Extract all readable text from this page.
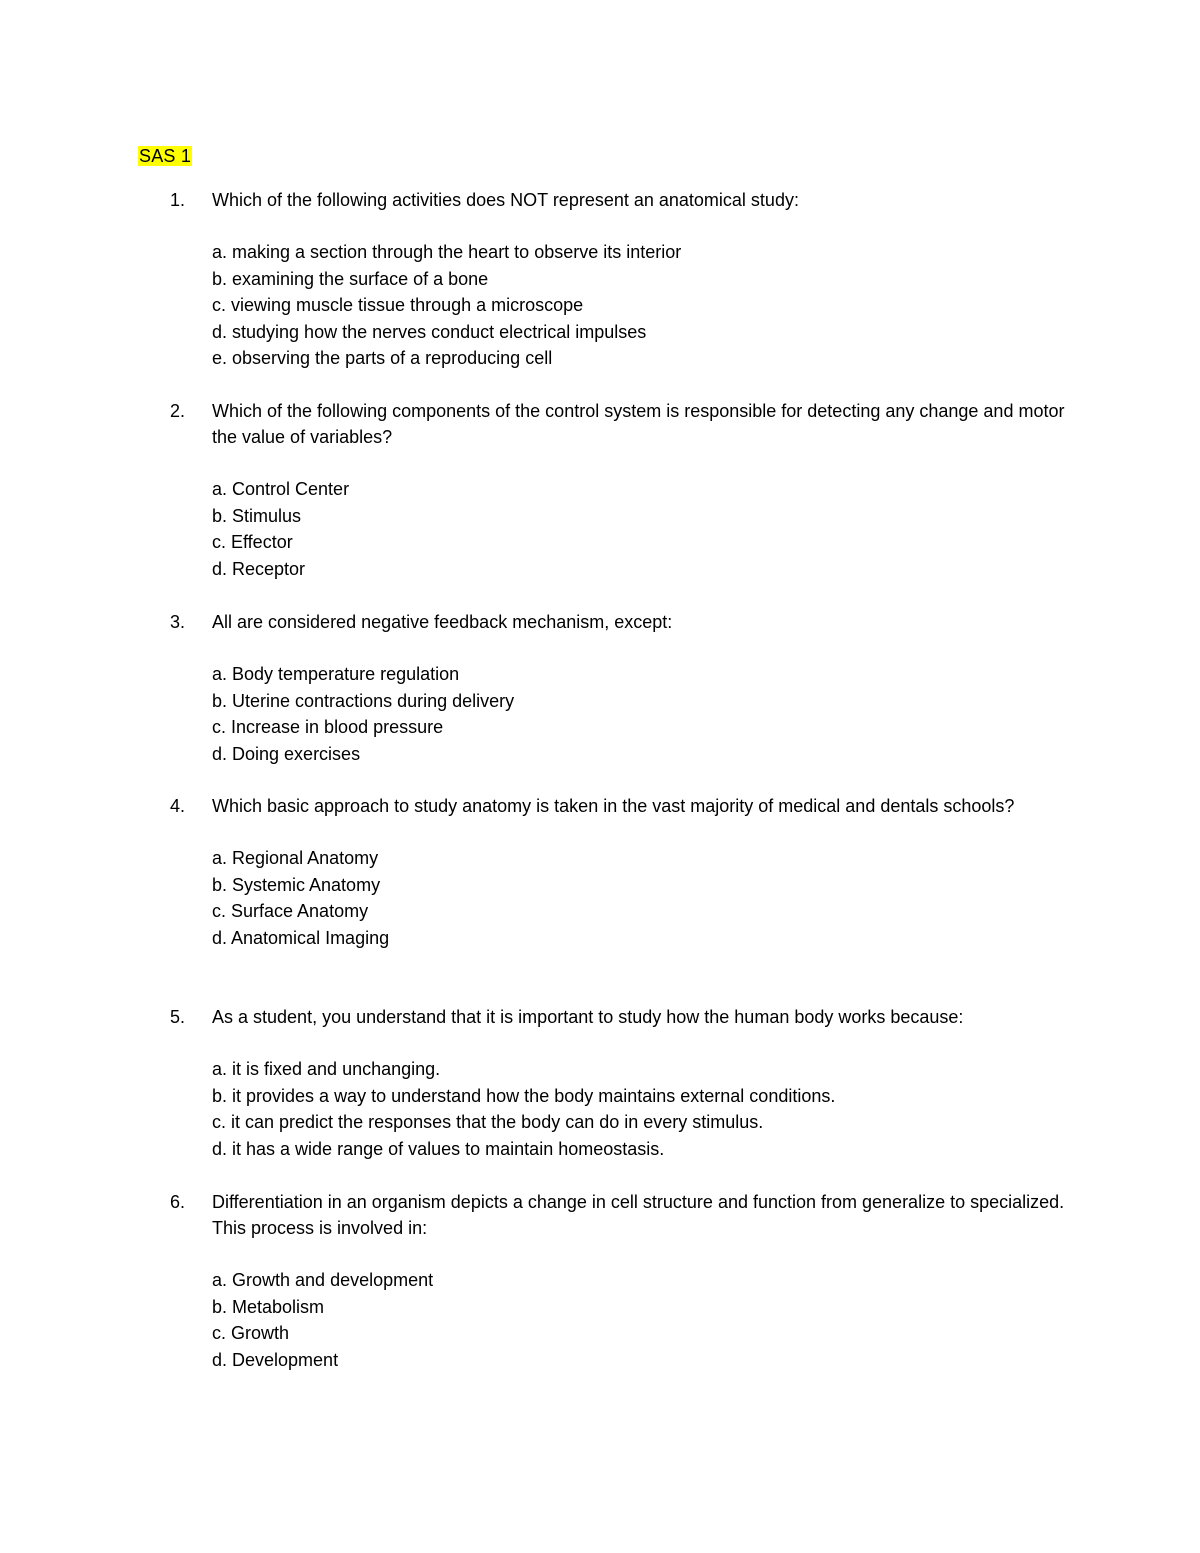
SAS 1
1.	Which of the following activities does NOT represent an anatomical study:
a. making a section through the heart to observe its interior
b. examining the surface of a bone
c. viewing muscle tissue through a microscope
d. studying how the nerves conduct electrical impulses
e. observing the parts of a reproducing cell
2.	Which of the following components of the control system is responsible for detecting any change and motor the value of variables?
a. Control Center
b. Stimulus
c. Effector
d. Receptor
3.	All are considered negative feedback mechanism, except:
a. Body temperature regulation
b. Uterine contractions during delivery
c. Increase in blood pressure
d. Doing exercises
4.	Which basic approach to study anatomy is taken in the vast majority of medical and dentals schools?
a. Regional Anatomy
b. Systemic Anatomy
c. Surface Anatomy
d. Anatomical Imaging
5.	As a student, you understand that it is important to study how the human body works because:
a. it is fixed and unchanging.
b. it provides a way to understand how the body maintains external conditions.
c. it can predict the responses that the body can do in every stimulus.
d. it has a wide range of values to maintain homeostasis.
6.	Differentiation in an organism depicts a change in cell structure and function from generalize to specialized. This process is involved in:
a. Growth and development
b. Metabolism
c. Growth
d. Development
